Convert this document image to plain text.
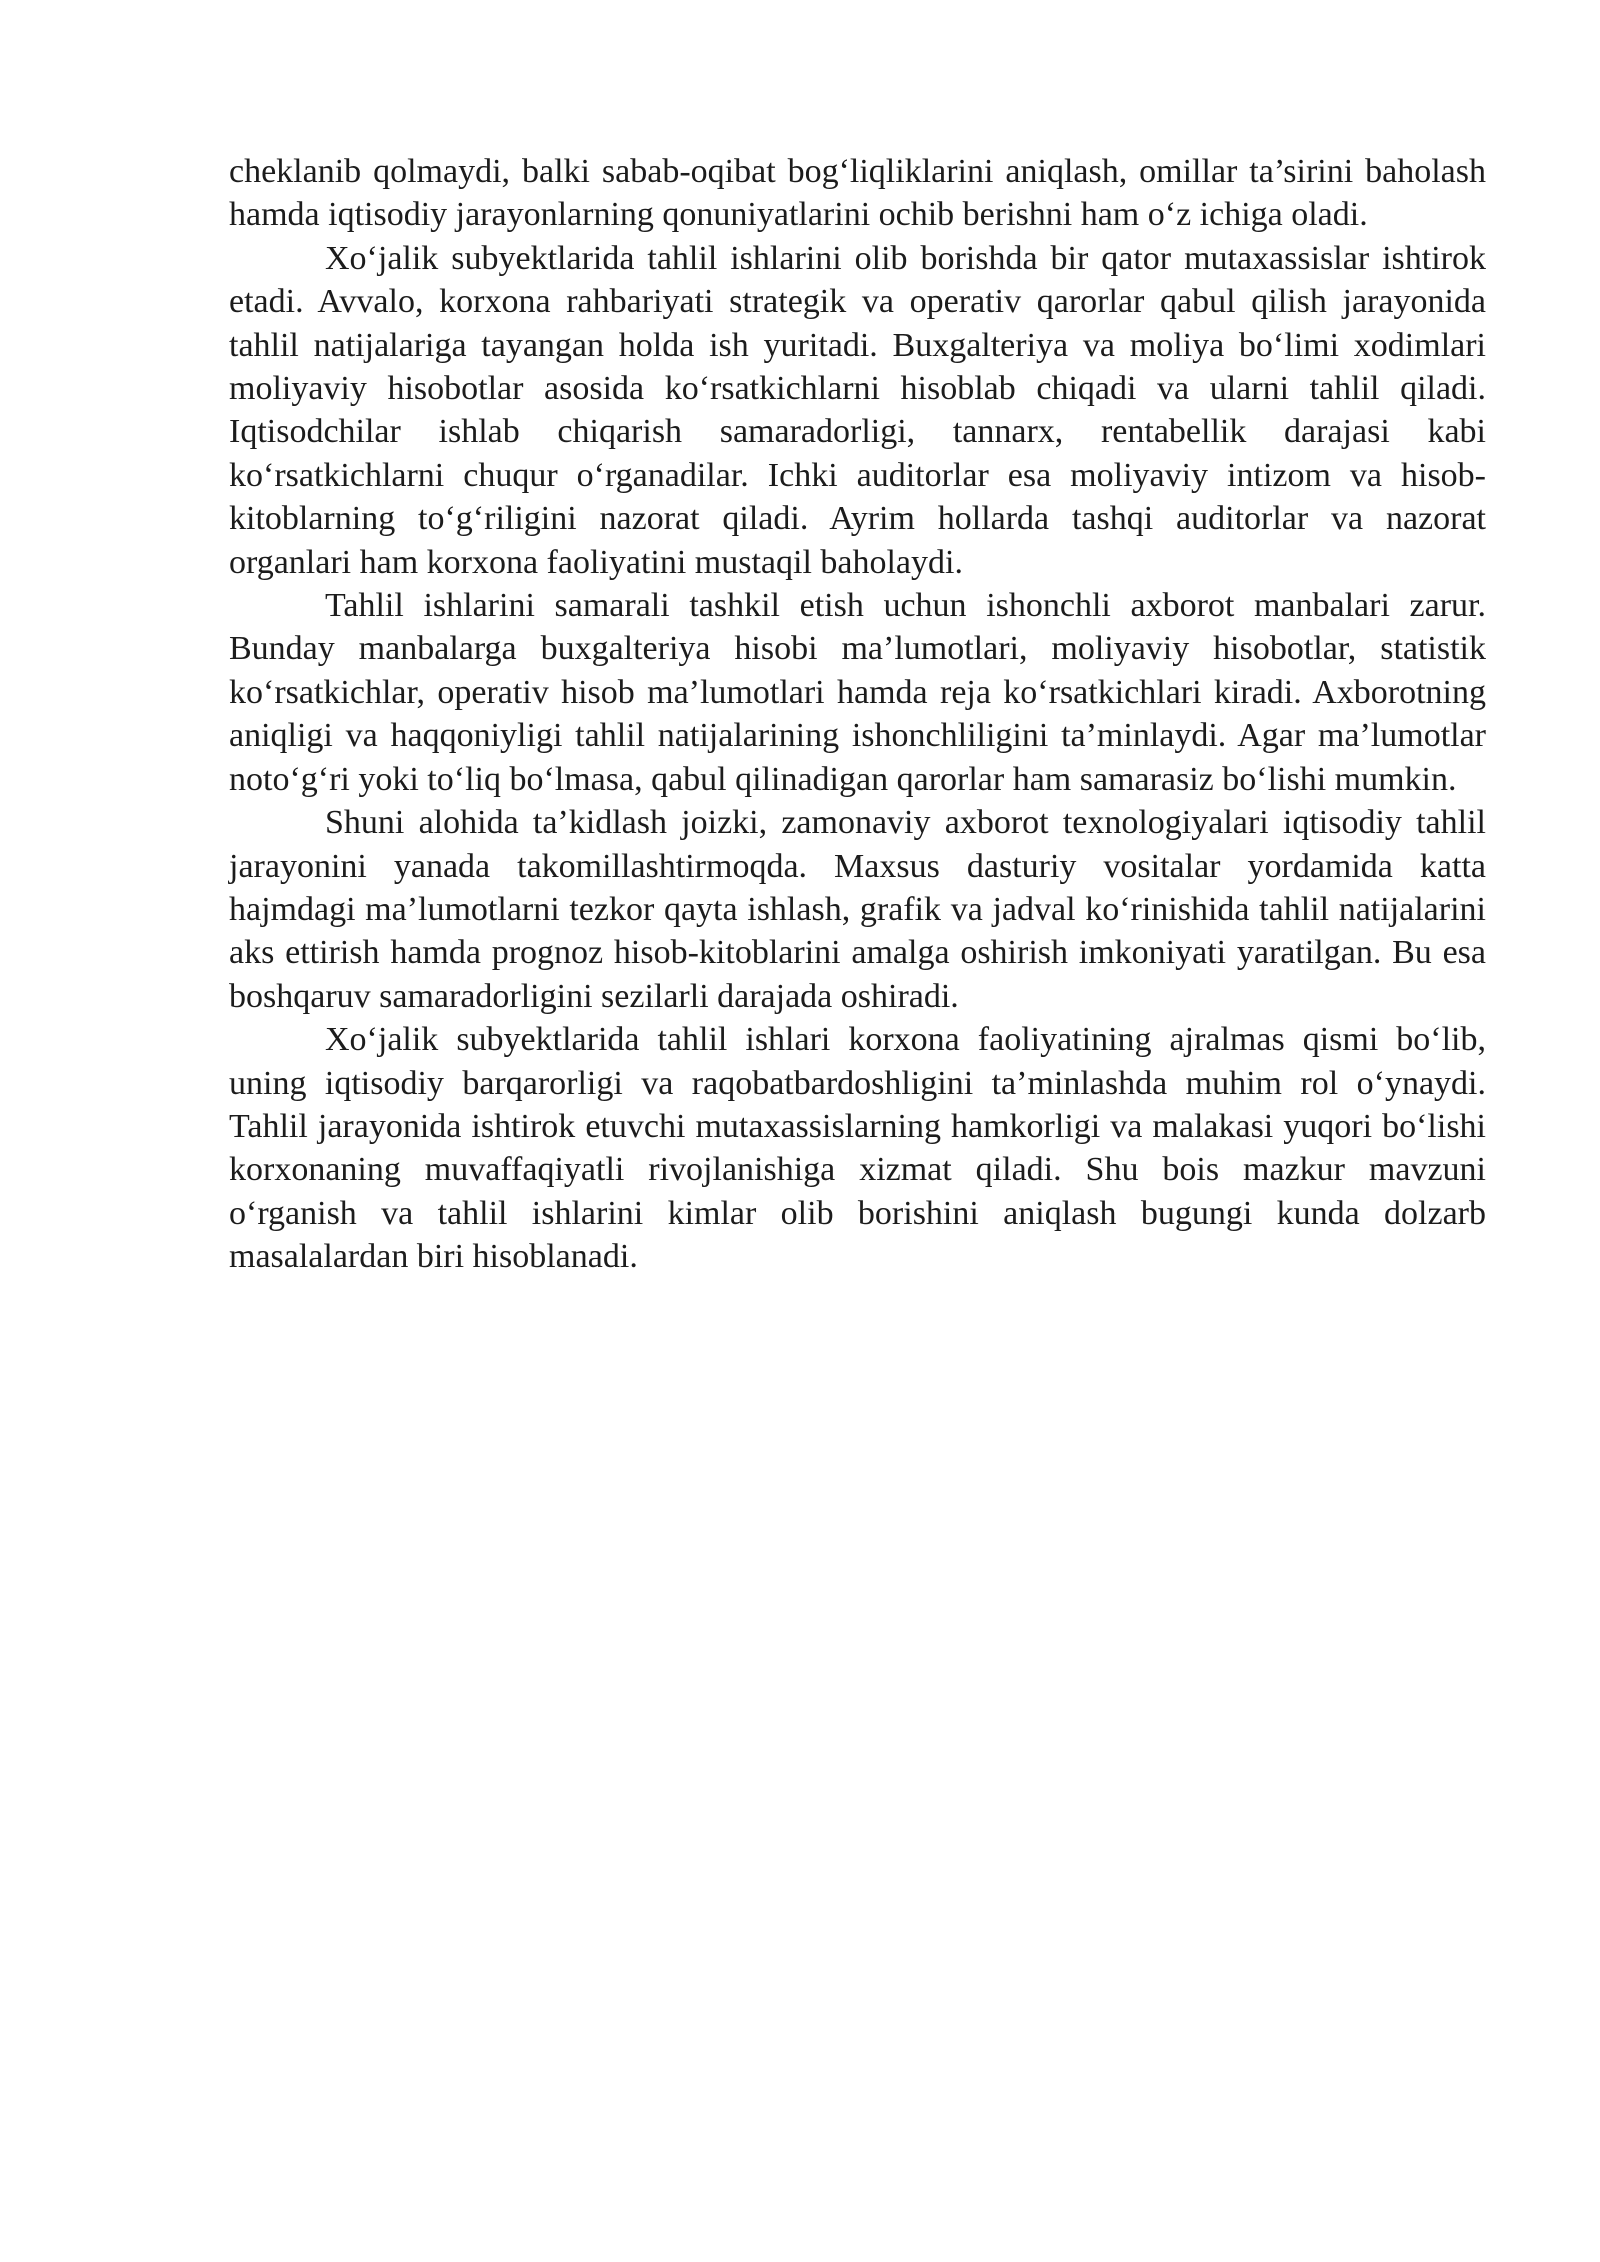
cheklanib qolmaydi, balki sabab-oqibat bog‘liqliklarini aniqlash, omillar ta’sirini baholash hamda iqtisodiy jarayonlarning qonuniyatlarini ochib berishni ham o‘z ichiga oladi.

Xo‘jalik subyektlarida tahlil ishlarini olib borishda bir qator mutaxassislar ishtirok etadi. Avvalo, korxona rahbariyati strategik va operativ qarorlar qabul qilish jarayonida tahlil natijalariga tayangan holda ish yuritadi. Buxgalteriya va moliya bo‘limi xodimlari moliyaviy hisobotlar asosida ko‘rsatkichlarni hisoblab chiqadi va ularni tahlil qiladi. Iqtisodchilar ishlab chiqarish samaradorligi, tannarx, rentabellik darajasi kabi ko‘rsatkichlarni chuqur o‘rganadilar. Ichki auditorlar esa moliyaviy intizom va hisob-kitoblarning to‘g‘riligini nazorat qiladi. Ayrim hollarda tashqi auditorlar va nazorat organlari ham korxona faoliyatini mustaqil baholaydi.

Tahlil ishlarini samarali tashkil etish uchun ishonchli axborot manbalari zarur. Bunday manbalarga buxgalteriya hisobi ma’lumotlari, moliyaviy hisobotlar, statistik ko‘rsatkichlar, operativ hisob ma’lumotlari hamda reja ko‘rsatkichlari kiradi. Axborotning aniqligi va haqqoniyligi tahlil natijalarining ishonchliligini ta’minlaydi. Agar ma’lumotlar noto‘g‘ri yoki to‘liq bo‘lmasa, qabul qilinadigan qarorlar ham samarasiz bo‘lishi mumkin.

Shuni alohida ta’kidlash joizki, zamonaviy axborot texnologiyalari iqtisodiy tahlil jarayonini yanada takomillashtirmoqda. Maxsus dasturiy vositalar yordamida katta hajmdagi ma’lumotlarni tezkor qayta ishlash, grafik va jadval ko‘rinishida tahlil natijalarini aks ettirish hamda prognoz hisob-kitoblarini amalga oshirish imkoniyati yaratilgan. Bu esa boshqaruv samaradorligini sezilarli darajada oshiradi.

Xo‘jalik subyektlarida tahlil ishlari korxona faoliyatining ajralmas qismi bo‘lib, uning iqtisodiy barqarorligi va raqobatbardoshligini ta’minlashda muhim rol o‘ynaydi. Tahlil jarayonida ishtirok etuvchi mutaxassislarning hamkorligi va malakasi yuqori bo‘lishi korxonaning muvaffaqiyatli rivojlanishiga xizmat qiladi. Shu bois mazkur mavzuni o‘rganish va tahlil ishlarini kimlar olib borishini aniqlash bugungi kunda dolzarb masalalardan biri hisoblanadi.
